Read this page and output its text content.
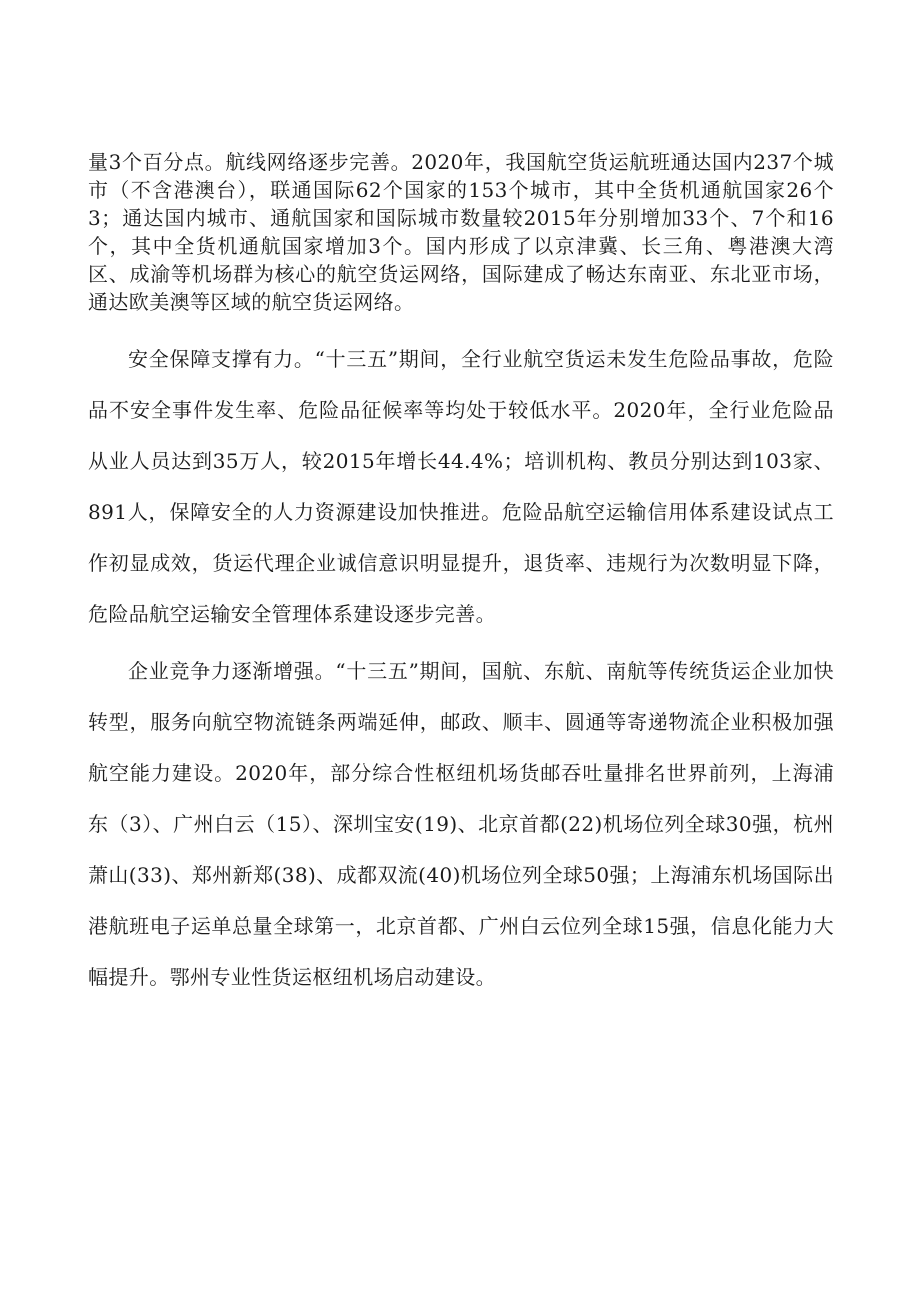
量3个百分点。航线网络逐步完善。2020年，我国航空货运航班通达国内237个城市（不含港澳台），联通国际62个国家的153个城市，其中全货机通航国家26个3；通达国内城市、通航国家和国际城市数量较2015年分别增加33个、7个和16个，其中全货机通航国家增加3个。国内形成了以京津冀、长三角、粤港澳大湾区、成渝等机场群为核心的航空货运网络，国际建成了畅达东南亚、东北亚市场，通达欧美澳等区域的航空货运网络。

安全保障支撑有力。“十三五”期间，全行业航空货运未发生危险品事故，危险品不安全事件发生率、危险品征候率等均处于较低水平。2020年，全行业危险品从业人员达到35万人，较2015年增长44.4%；培训机构、教员分别达到103家、891人，保障安全的人力资源建设加快推进。危险品航空运输信用体系建设试点工作初显成效，货运代理企业诚信意识明显提升，退货率、违规行为次数明显下降，危险品航空运输安全管理体系建设逐步完善。

企业竞争力逐渐增强。“十三五”期间，国航、东航、南航等传统货运企业加快转型，服务向航空物流链条两端延伸，邮政、顺丰、圆通等寄递物流企业积极加强航空能力建设。2020年，部分综合性枢纽机场货邮吞吐量排名世界前列，上海浦东（3）、广州白云（15）、深圳宝安(19)、北京首都(22)机场位列全球30强，杭州萧山(33)、郑州新郑(38)、成都双流(40)机场位列全球50强；上海浦东机场国际出港航班电子运单总量全球第一，北京首都、广州白云位列全球15强，信息化能力大幅提升。鄂州专业性货运枢纽机场启动建设。
